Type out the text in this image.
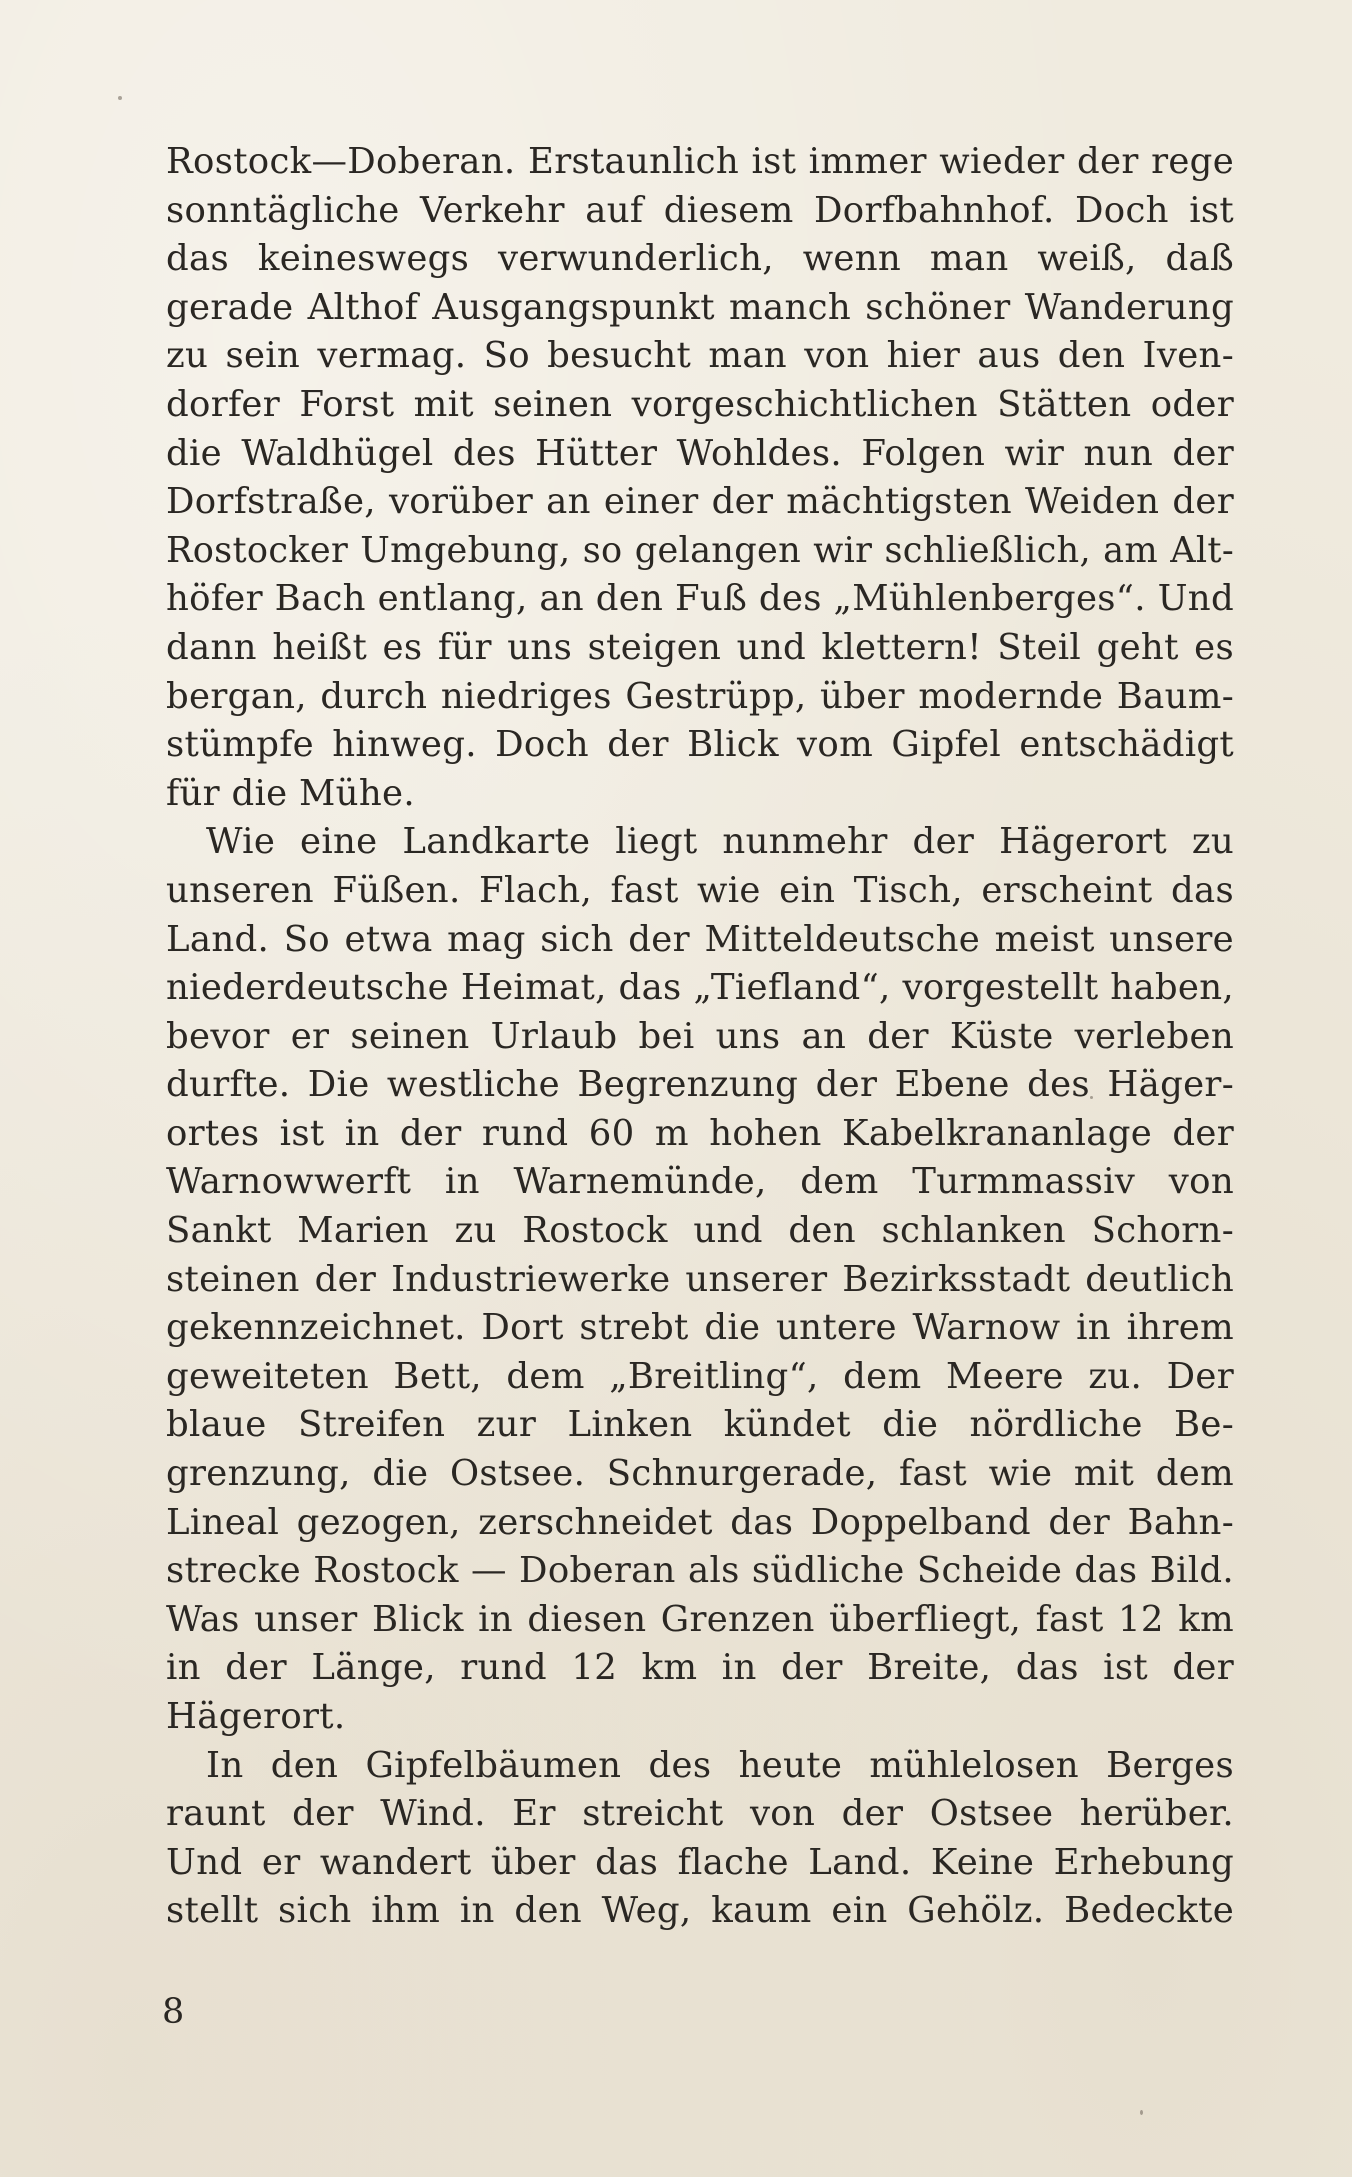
Rostock—Doberan. Erstaunlich ist immer wieder der rege
sonntägliche Verkehr auf diesem Dorfbahnhof. Doch ist
das keineswegs verwunderlich, wenn man weiß, daß
gerade Althof Ausgangspunkt manch schöner Wanderung
zu sein vermag. So besucht man von hier aus den Iven-
dorfer Forst mit seinen vorgeschichtlichen Stätten oder
die Waldhügel des Hütter Wohldes. Folgen wir nun der
Dorfstraße, vorüber an einer der mächtigsten Weiden der
Rostocker Umgebung, so gelangen wir schließlich, am Alt-
höfer Bach entlang, an den Fuß des „Mühlenberges“. Und
dann heißt es für uns steigen und klettern! Steil geht es
bergan, durch niedriges Gestrüpp, über modernde Baum-
stümpfe hinweg. Doch der Blick vom Gipfel entschädigt
für die Mühe.
Wie eine Landkarte liegt nunmehr der Hägerort zu
unseren Füßen. Flach, fast wie ein Tisch, erscheint das
Land. So etwa mag sich der Mitteldeutsche meist unsere
niederdeutsche Heimat, das „Tiefland“, vorgestellt haben,
bevor er seinen Urlaub bei uns an der Küste verleben
durfte. Die westliche Begrenzung der Ebene des Häger-
ortes ist in der rund 60 m hohen Kabelkrananlage der
Warnowwerft in Warnemünde, dem Turmmassiv von
Sankt Marien zu Rostock und den schlanken Schorn-
steinen der Industriewerke unserer Bezirksstadt deutlich
gekennzeichnet. Dort strebt die untere Warnow in ihrem
geweiteten Bett, dem „Breitling“, dem Meere zu. Der
blaue Streifen zur Linken kündet die nördliche Be-
grenzung, die Ostsee. Schnurgerade, fast wie mit dem
Lineal gezogen, zerschneidet das Doppelband der Bahn-
strecke Rostock — Doberan als südliche Scheide das Bild.
Was unser Blick in diesen Grenzen überfliegt, fast 12 km
in der Länge, rund 12 km in der Breite, das ist der
Hägerort.
In den Gipfelbäumen des heute mühlelosen Berges
raunt der Wind. Er streicht von der Ostsee herüber.
Und er wandert über das flache Land. Keine Erhebung
stellt sich ihm in den Weg, kaum ein Gehölz. Bedeckte
8
